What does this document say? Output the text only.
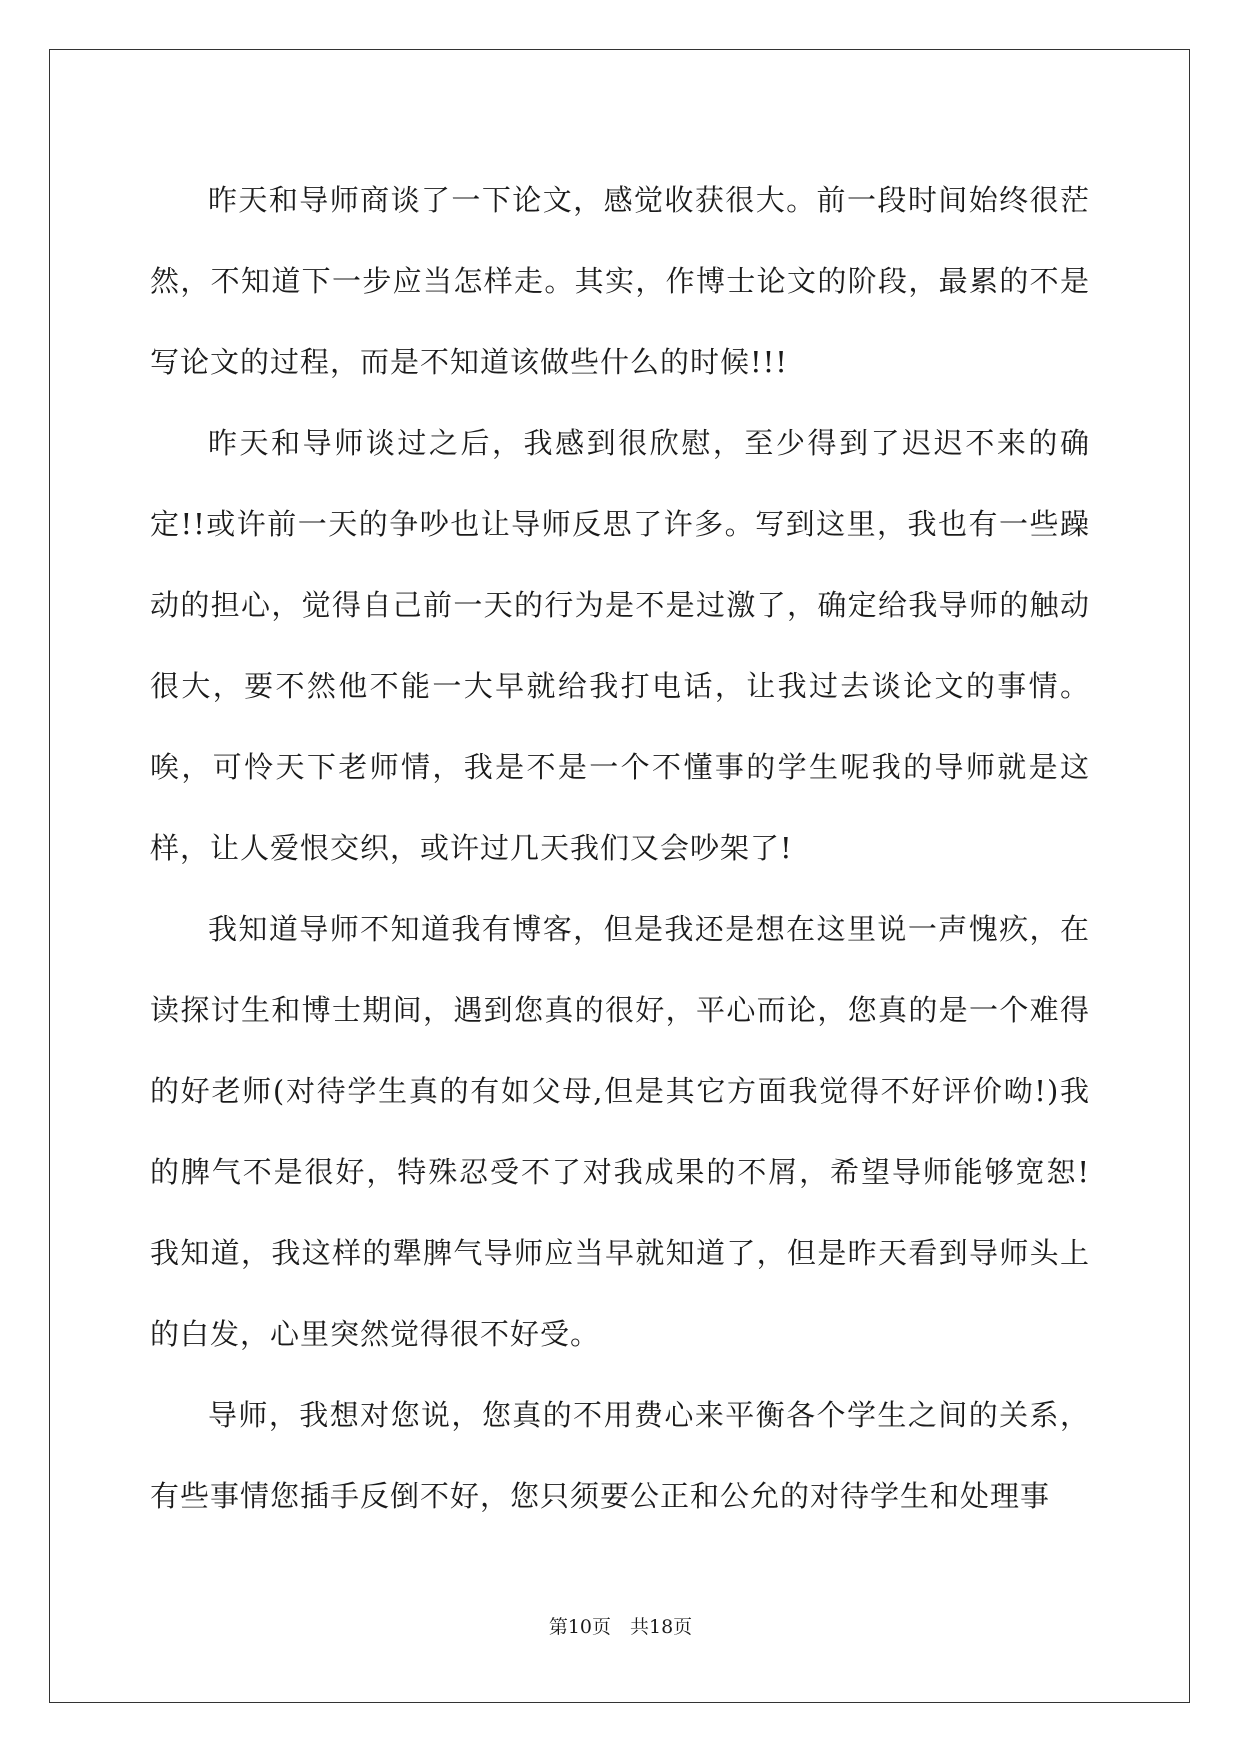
昨天和导师商谈了一下论文，感觉收获很大。前一段时间始终很茫然，不知道下一步应当怎样走。其实，作博士论文的阶段，最累的不是写论文的过程，而是不知道该做些什么的时候!!!

昨天和导师谈过之后，我感到很欣慰，至少得到了迟迟不来的确定!!或许前一天的争吵也让导师反思了许多。写到这里，我也有一些躁动的担心，觉得自己前一天的行为是不是过激了，确定给我导师的触动很大，要不然他不能一大早就给我打电话，让我过去谈论文的事情。唉，可怜天下老师情，我是不是一个不懂事的学生呢我的导师就是这样，让人爱恨交织，或许过几天我们又会吵架了!

我知道导师不知道我有博客，但是我还是想在这里说一声愧疚，在读探讨生和博士期间，遇到您真的很好，平心而论，您真的是一个难得的好老师(对待学生真的有如父母,但是其它方面我觉得不好评价呦!)我的脾气不是很好，特殊忍受不了对我成果的不屑，希望导师能够宽恕!我知道，我这样的犟脾气导师应当早就知道了，但是昨天看到导师头上的白发，心里突然觉得很不好受。

导师，我想对您说，您真的不用费心来平衡各个学生之间的关系，有些事情您插手反倒不好，您只须要公正和公允的对待学生和处理事

第10页　共18页
